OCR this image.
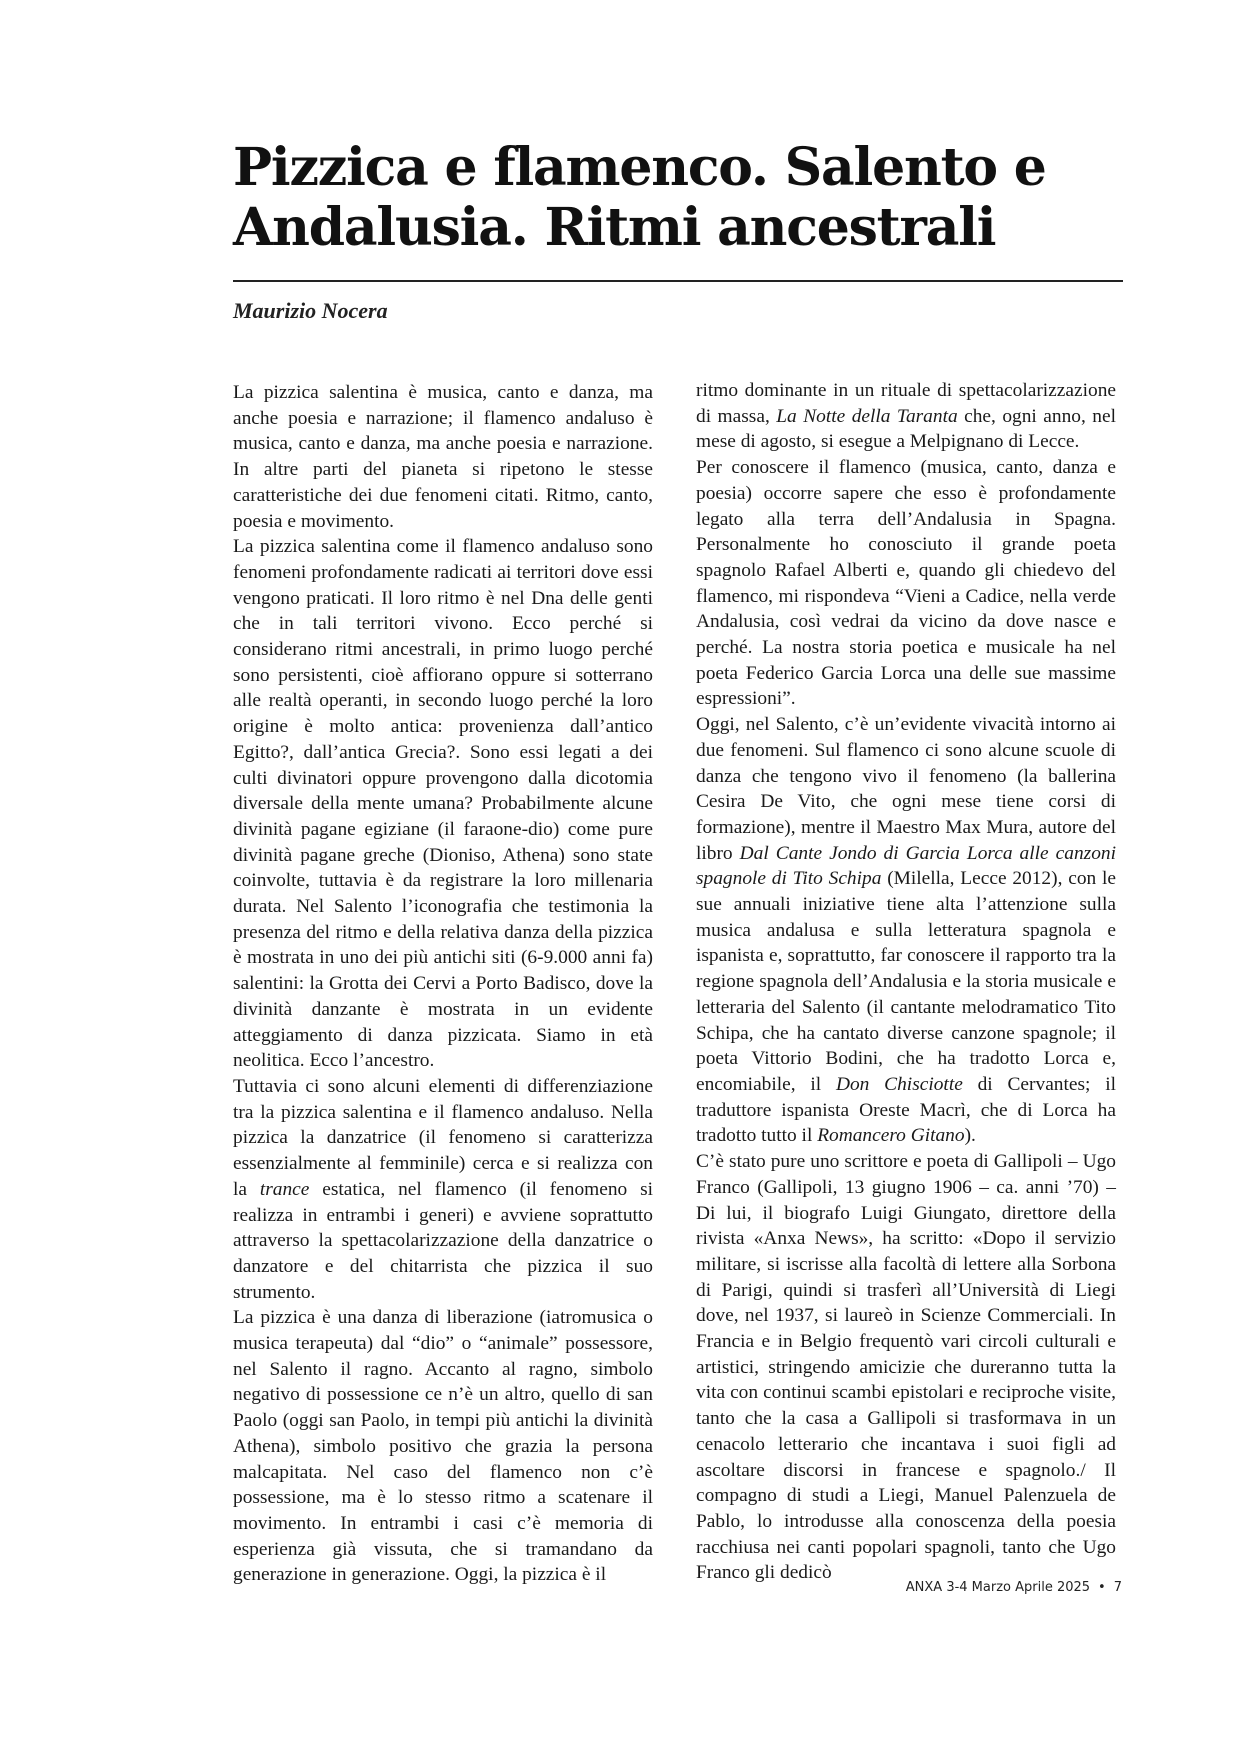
Pizzica e flamenco. Salento e Andalusia. Ritmi ancestrali
Maurizio Nocera

La pizzica salentina è musica, canto e danza, ma anche poesia e narrazione; il flamenco andaluso è musica, canto e danza, ma anche poesia e narrazione. In altre parti del pianeta si ripetono le stesse caratteristiche dei due fenomeni citati. Ritmo, canto, poesia e movimento.

La pizzica salentina come il flamenco andaluso sono fenomeni profondamente radicati ai territori dove essi vengono praticati. Il loro ritmo è nel Dna delle genti che in tali territori vivono. Ecco perché si considerano ritmi ancestrali, in primo luogo perché sono persistenti, cioè affiorano oppure si sotterrano alle realtà operanti, in secondo luogo perché la loro origine è molto antica: provenienza dall’antico Egitto?, dall’antica Grecia?. Sono essi legati a dei culti divinatori oppure provengono dalla dicotomia diversale della mente umana? Probabilmente alcune divinità pagane egiziane (il faraone-dio) come pure divinità pagane greche (Dioniso, Athena) sono state coinvolte, tuttavia è da registrare la loro millenaria durata. Nel Salento l’iconografia che testimonia la presenza del ritmo e della relativa danza della pizzica è mostrata in uno dei più antichi siti (6-9.000 anni fa) salentini: la Grotta dei Cervi a Porto Badisco, dove la divinità danzante è mostrata in un evidente atteggiamento di danza pizzicata. Siamo in età neolitica. Ecco l’ancestro.

Tuttavia ci sono alcuni elementi di differenziazione tra la pizzica salentina e il flamenco andaluso. Nella pizzica la danzatrice (il fenomeno si caratterizza essenzialmente al femminile) cerca e si realizza con la trance estatica, nel flamenco (il fenomeno si realizza in entrambi i generi) e avviene soprattutto attraverso la spettacolarizzazione della danzatrice o danzatore e del chitarrista che pizzica il suo strumento.

La pizzica è una danza di liberazione (iatromusica o musica terapeuta) dal “dio” o “animale” possessore, nel Salento il ragno. Accanto al ragno, simbolo negativo di possessione ce n’è un altro, quello di san Paolo (oggi san Paolo, in tempi più antichi la divinità Athena), simbolo positivo che grazia la persona malcapitata. Nel caso del flamenco non c’è possessione, ma è lo stesso ritmo a scatenare il movimento. In entrambi i casi c’è memoria di esperienza già vissuta, che si tramandano da generazione in generazione. Oggi, la pizzica è il

ritmo dominante in un rituale di spettacolarizzazione di massa, La Notte della Taranta che, ogni anno, nel mese di agosto, si esegue a Melpignano di Lecce.

Per conoscere il flamenco (musica, canto, danza e poesia) occorre sapere che esso è profondamente legato alla terra dell’Andalusia in Spagna. Personalmente ho conosciuto il grande poeta spagnolo Rafael Alberti e, quando gli chiedevo del flamenco, mi rispondeva “Vieni a Cadice, nella verde Andalusia, così vedrai da vicino da dove nasce e perché. La nostra storia poetica e musicale ha nel poeta Federico Garcia Lorca una delle sue massime espressioni”.

Oggi, nel Salento, c’è un’evidente vivacità intorno ai due fenomeni. Sul flamenco ci sono alcune scuole di danza che tengono vivo il fenomeno (la ballerina Cesira De Vito, che ogni mese tiene corsi di formazione), mentre il Maestro Max Mura, autore del libro Dal Cante Jondo di Garcia Lorca alle canzoni spagnole di Tito Schipa (Milella, Lecce 2012), con le sue annuali iniziative tiene alta l’attenzione sulla musica andalusa e sulla letteratura spagnola e ispanista e, soprattutto, far conoscere il rapporto tra la regione spagnola dell’Andalusia e la storia musicale e letteraria del Salento (il cantante melodramatico Tito Schipa, che ha cantato diverse canzone spagnole; il poeta Vittorio Bodini, che ha tradotto Lorca e, encomiabile, il Don Chisciotte di Cervantes; il traduttore ispanista Oreste Macrì, che di Lorca ha tradotto tutto il Romancero Gitano).

C’è stato pure uno scrittore e poeta di Gallipoli – Ugo Franco (Gallipoli, 13 giugno 1906 – ca. anni ’70) – Di lui, il biografo Luigi Giungato, direttore della rivista «Anxa News», ha scritto: «Dopo il servizio militare, si iscrisse alla facoltà di lettere alla Sorbona di Parigi, quindi si trasferì all’Università di Liegi dove, nel 1937, si laureò in Scienze Commerciali. In Francia e in Belgio frequentò vari circoli culturali e artistici, stringendo amicizie che dureranno tutta la vita con continui scambi epistolari e reciproche visite, tanto che la casa a Gallipoli si trasformava in un cenacolo letterario che incantava i suoi figli ad ascoltare discorsi in francese e spagnolo./ Il compagno di studi a Liegi, Manuel Palenzuela de Pablo, lo introdusse alla conoscenza della poesia racchiusa nei canti popolari spagnoli, tanto che Ugo Franco gli dedicò

ANXA 3-4 Marzo Aprile 2025 • 7
